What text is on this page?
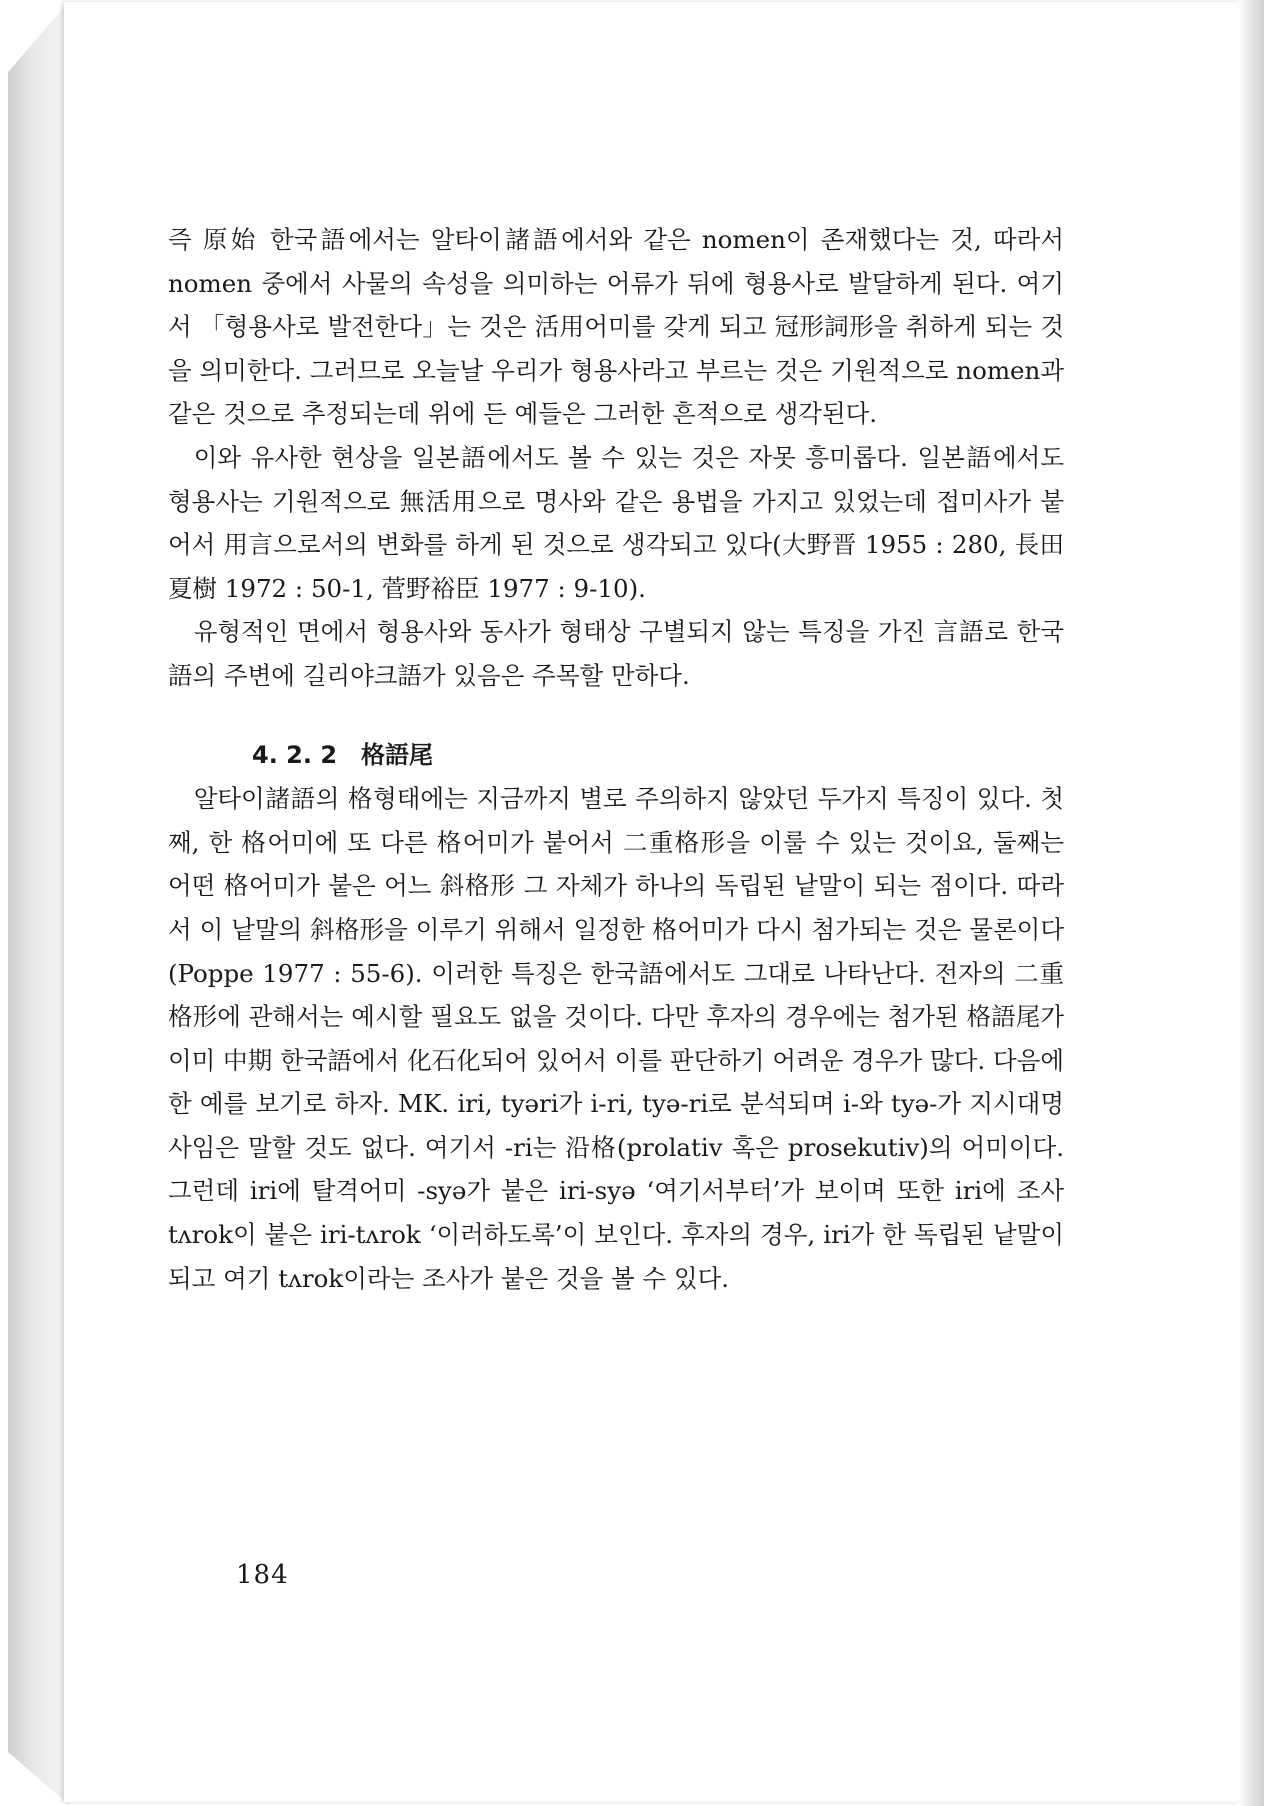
즉 原始 한국語에서는 알타이諸語에서와 같은 nomen이 존재했다는 것, 따라서 nomen 중에서 사물의 속성을 의미하는 어류가 뒤에 형용사로 발달하게 된다. 여기서 「형용사로 발전한다」는 것은 活用어미를 갖게 되고 冠形詞形을 취하게 되는 것을 의미한다. 그러므로 오늘날 우리가 형용사라고 부르는 것은 기원적으로 nomen과 같은 것으로 추정되는데 위에 든 예들은 그러한 흔적으로 생각된다.

이와 유사한 현상을 일본語에서도 볼 수 있는 것은 자못 흥미롭다. 일본語에서도 형용사는 기원적으로 無活用으로 명사와 같은 용법을 가지고 있었는데 접미사가 붙어서 用言으로서의 변화를 하게 된 것으로 생각되고 있다(大野晋 1955 : 280, 長田夏樹 1972 : 50-1, 菅野裕臣 1977 : 9-10).

유형적인 면에서 형용사와 동사가 형태상 구별되지 않는 특징을 가진 言語로 한국語의 주변에 길리야크語가 있음은 주목할 만하다.

4. 2. 2 格語尾

알타이諸語의 格형태에는 지금까지 별로 주의하지 않았던 두가지 특징이 있다. 첫째, 한 格어미에 또 다른 格어미가 붙어서 二重格形을 이룰 수 있는 것이요, 둘째는 어떤 格어미가 붙은 어느 斜格形 그 자체가 하나의 독립된 낱말이 되는 점이다. 따라서 이 낱말의 斜格形을 이루기 위해서 일정한 格어미가 다시 첨가되는 것은 물론이다(Poppe 1977 : 55-6). 이러한 특징은 한국語에서도 그대로 나타난다. 전자의 二重格形에 관해서는 예시할 필요도 없을 것이다. 다만 후자의 경우에는 첨가된 格語尾가 이미 中期 한국語에서 化石化되어 있어서 이를 판단하기 어려운 경우가 많다. 다음에 한 예를 보기로 하자. MK. iri, tyəri가 i-ri, tyə-ri로 분석되며 i-와 tyə-가 지시대명사임은 말할 것도 없다. 여기서 -ri는 沿格(prolativ 혹은 prosekutiv)의 어미이다. 그런데 iri에 탈격어미 -syə가 붙은 iri-syə ‘여기서부터’가 보이며 또한 iri에 조사 tʌrok이 붙은 iri-tʌrok ‘이러하도록’이 보인다. 후자의 경우, iri가 한 독립된 낱말이 되고 여기 tʌrok이라는 조사가 붙은 것을 볼 수 있다.

184
